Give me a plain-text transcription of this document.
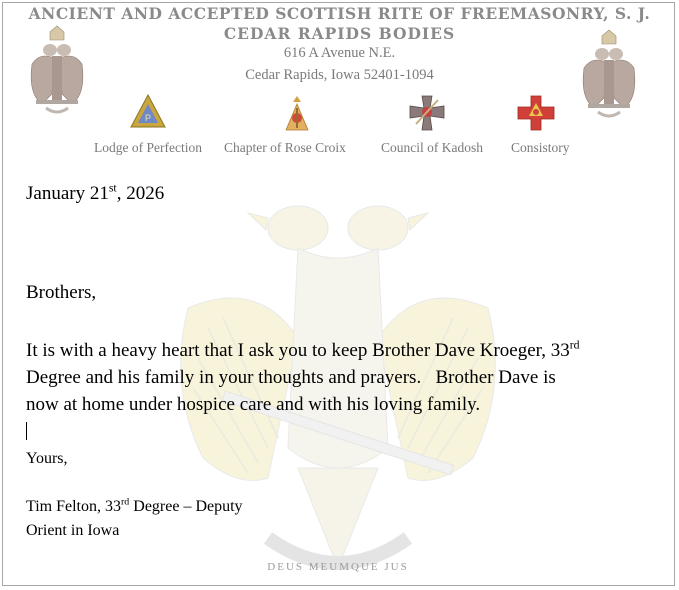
DEUS MEUMQUE JUS
ANCIENT AND ACCEPTED SCOTTISH RITE OF FREEMASONRY, S. J.
CEDAR RAPIDS BODIES
616 A Avenue N.E.
Cedar Rapids, Iowa 52401-1094
P
Lodge of Perfection Chapter of Rose Croix	Council of Kadosh Consistory
January 21st, 2026
Brothers,
It is with a heavy heart that I ask you to keep Brother Dave Kroeger, 33rd
Degree and his family in your thoughts and prayers.   Brother Dave is
now at home under hospice care and with his loving family.
Yours,
Tim Felton, 33rd Degree – Deputy
Orient in Iowa
